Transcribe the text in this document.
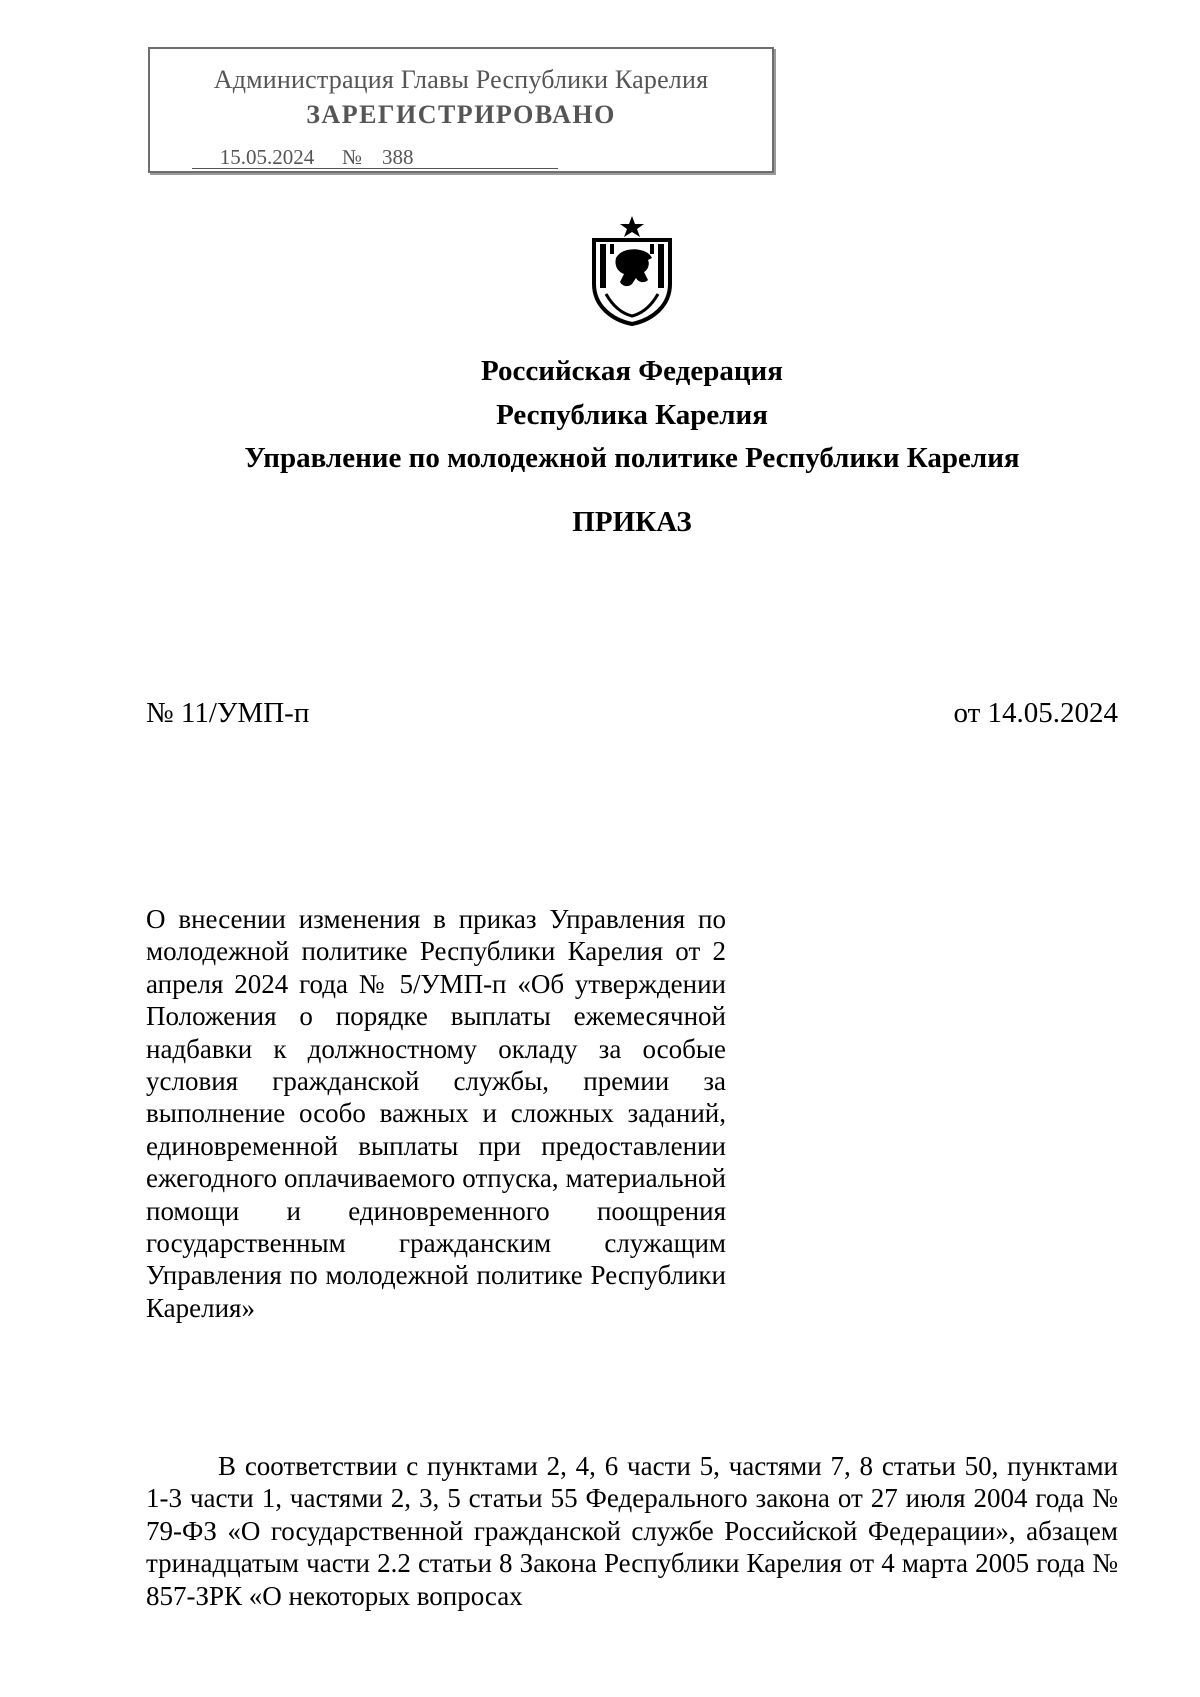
Администрация Главы Республики Карелия
ЗАРЕГИСТРИРОВАНО
15.05.2024 № 388
Российская Федерация
Республика Карелия
Управление по молодежной политике Республики Карелия
ПРИКАЗ
№ 11/УМП-п	от 14.05.2024
О внесении изменения в приказ Управления по молодежной политике Республики Карелия от 2 апреля 2024 года № 5/УМП-п «Об утверждении Положения о порядке выплаты ежемесячной надбавки к должностному окладу за особые условия гражданской службы, премии за выполнение особо важных и сложных заданий, единовременной выплаты при предоставлении ежегодного оплачиваемого отпуска, материальной помощи и единовременного поощрения государственным гражданским служащим Управления по молодежной политике Республики Карелия»
В соответствии с пунктами 2, 4, 6 части 5, частями 7, 8 статьи 50, пунктами 1-3 части 1, частями 2, 3, 5 статьи 55 Федерального закона от 27 июля 2004 года № 79-ФЗ «О государственной гражданской службе Российской Федерации», абзацем тринадцатым части 2.2 статьи 8 Закона Республики Карелия от 4 марта 2005 года № 857-ЗРК «О некоторых вопросах
